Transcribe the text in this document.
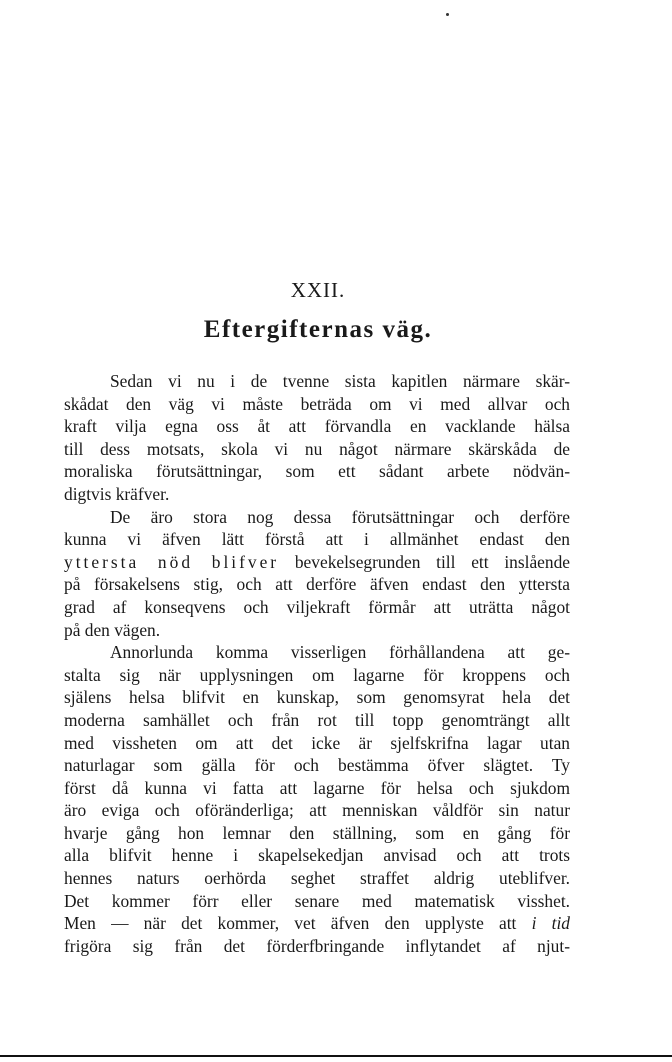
XXII.
Eftergifternas väg.
Sedan vi nu i de tvenne sista kapitlen närmare skär-
skådat den väg vi måste beträda om vi med allvar och
kraft vilja egna oss åt att förvandla en vacklande hälsa
till dess motsats, skola vi nu något närmare skärskåda de
moraliska förutsättningar, som ett sådant arbete nödvän-
digtvis kräfver.
De äro stora nog dessa förutsättningar och derföre
kunna vi äfven lätt förstå att i allmänhet endast den
yttersta nöd blifver bevekelsegrunden till ett inslående
på försakelsens stig, och att derföre äfven endast den yttersta
grad af konseqvens och viljekraft förmår att uträtta något
på den vägen.
Annorlunda komma visserligen förhållandena att ge-
stalta sig när upplysningen om lagarne för kroppens och
själens helsa blifvit en kunskap, som genomsyrat hela det
moderna samhället och från rot till topp genomträngt allt
med vissheten om att det icke är sjelfskrifna lagar utan
naturlagar som gälla för och bestämma öfver slägtet. Ty
först då kunna vi fatta att lagarne för helsa och sjukdom
äro eviga och oföränderliga; att menniskan våldför sin natur
hvarje gång hon lemnar den ställning, som en gång för
alla blifvit henne i skapelsekedjan anvisad och att trots
hennes naturs oerhörda seghet straffet aldrig uteblifver.
Det kommer förr eller senare med matematisk visshet.
Men — när det kommer, vet äfven den upplyste att i tid
frigöra sig från det förderfbringande inflytandet af njut-
